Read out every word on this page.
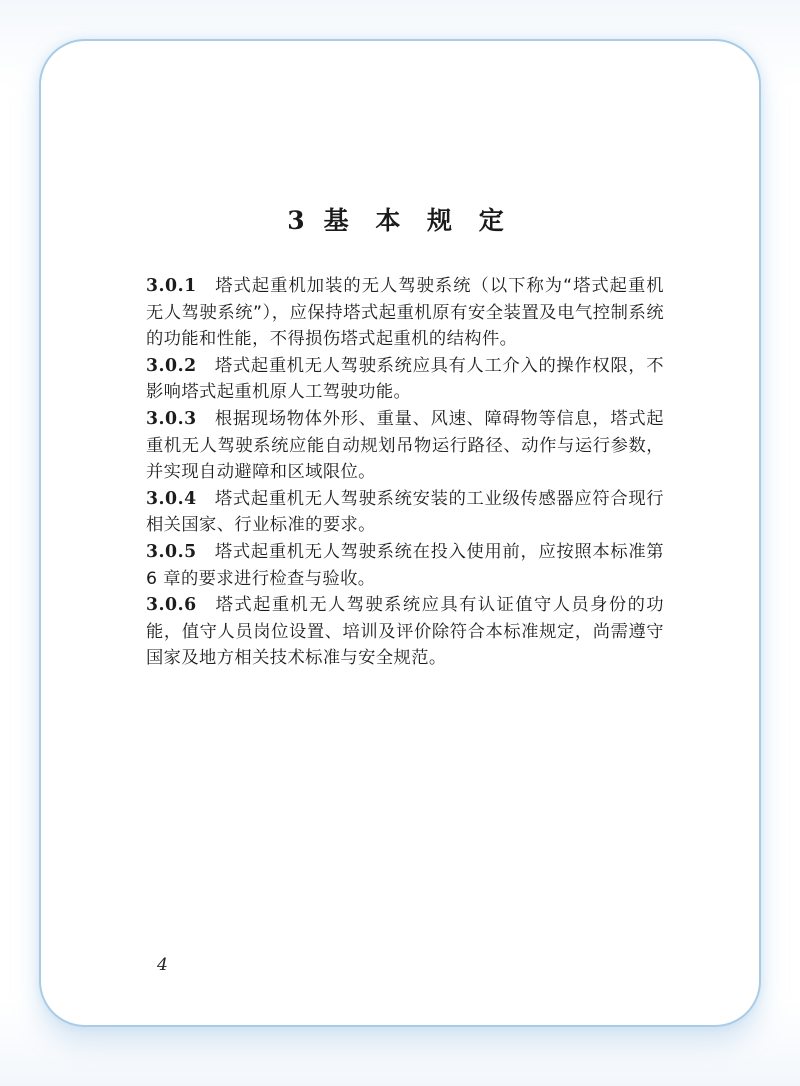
3 基 本 规 定

3.0.1 塔式起重机加装的无人驾驶系统（以下称为“塔式起重机无人驾驶系统”），应保持塔式起重机原有安全装置及电气控制系统的功能和性能，不得损伤塔式起重机的结构件。

3.0.2 塔式起重机无人驾驶系统应具有人工介入的操作权限，不影响塔式起重机原人工驾驶功能。

3.0.3 根据现场物体外形、重量、风速、障碍物等信息，塔式起重机无人驾驶系统应能自动规划吊物运行路径、动作与运行参数，并实现自动避障和区域限位。

3.0.4 塔式起重机无人驾驶系统安装的工业级传感器应符合现行相关国家、行业标准的要求。

3.0.5 塔式起重机无人驾驶系统在投入使用前，应按照本标准第 6 章的要求进行检查与验收。

3.0.6 塔式起重机无人驾驶系统应具有认证值守人员身份的功能，值守人员岗位设置、培训及评价除符合本标准规定，尚需遵守国家及地方相关技术标准与安全规范。

4
